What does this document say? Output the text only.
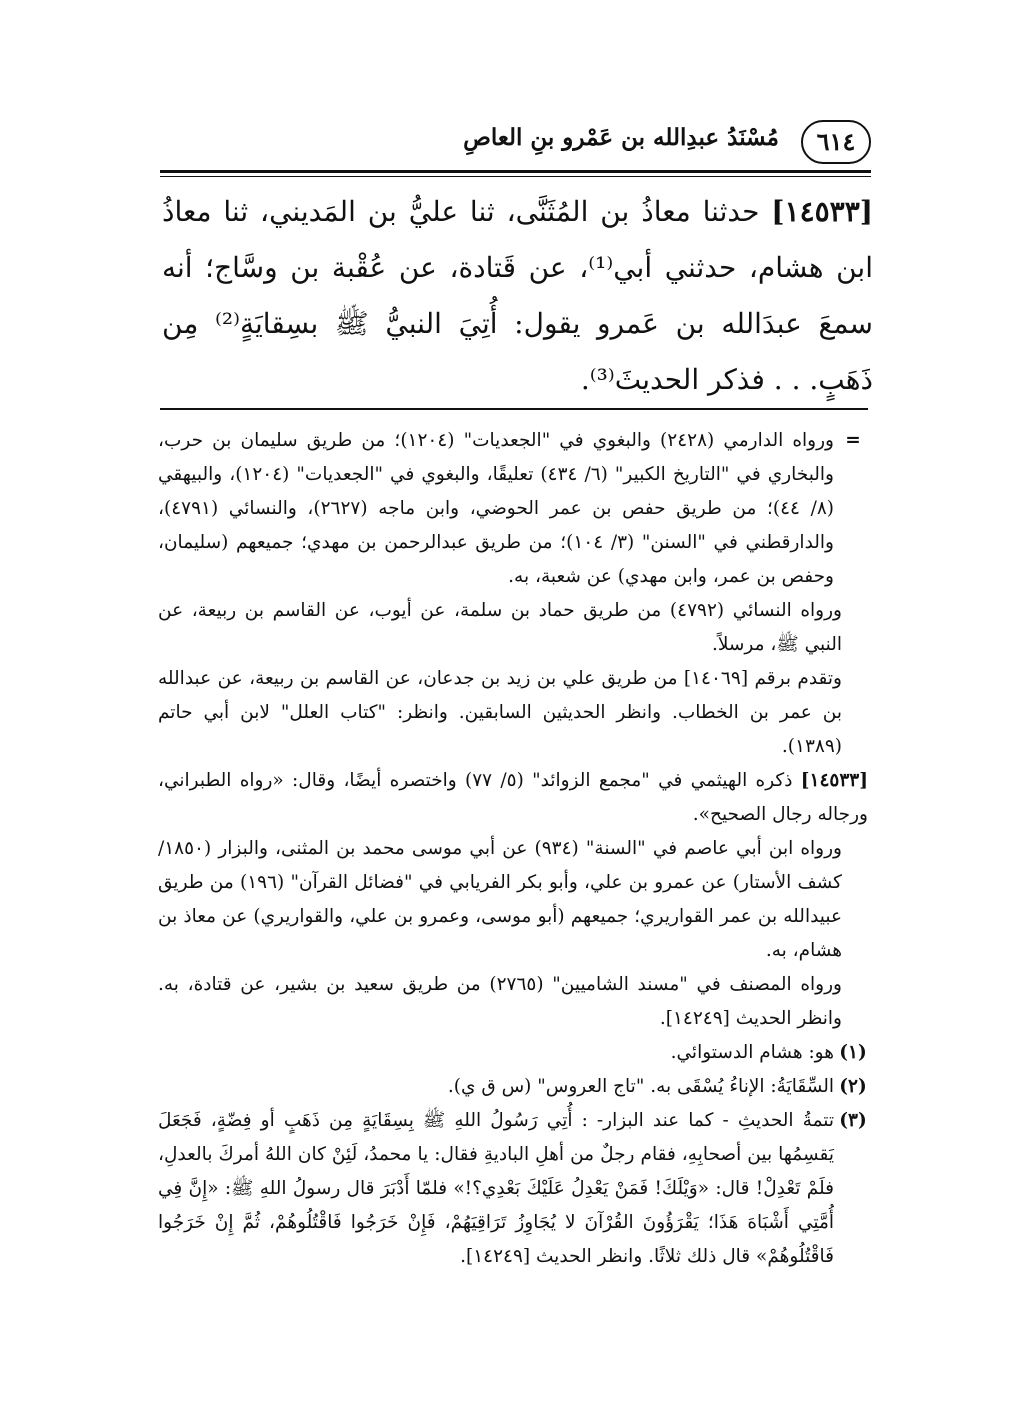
٦١٤
مُسْنَدُ عبدِالله بن عَمْرو بنِ العاصِ

[١٤٥٣٣] حدثنا معاذُ بن المُثَنَّى، ثنا عليُّ بن المَديني، ثنا معاذُ ابن هشام، حدثني أبي⁽¹⁾، عن قَتادة، عن عُقْبة بن وسَّاج؛ أنه سمعَ عبدَالله بن عَمرو يقول: أُتِيَ النبيُّ ﷺ بسِقايَةٍ⁽²⁾ مِن ذَهَبٍ. . . فذكر الحديثَ⁽³⁾.

=
ورواه الدارمي (٢٤٢٨) والبغوي في "الجعديات" (١٢٠٤)؛ من طريق سليمان بن حرب، والبخاري في "التاريخ الكبير" (٦/ ٤٣٤) تعليقًا، والبغوي في "الجعديات" (١٢٠٤)، والبيهقي (٨/ ٤٤)؛ من طريق حفص بن عمر الحوضي، وابن ماجه (٢٦٢٧)، والنسائي (٤٧٩١)، والدارقطني في "السنن" (٣/ ١٠٤)؛ من طريق عبدالرحمن بن مهدي؛ جميعهم (سليمان، وحفص بن عمر، وابن مهدي) عن شعبة، به.

ورواه النسائي (٤٧٩٢) من طريق حماد بن سلمة، عن أيوب، عن القاسم بن ربيعة، عن النبي ﷺ، مرسلاً.

وتقدم برقم [١٤٠٦٩] من طريق علي بن زيد بن جدعان، عن القاسم بن ربيعة، عن عبدالله بن عمر بن الخطاب. وانظر الحديثين السابقين. وانظر: "كتاب العلل" لابن أبي حاتم (١٣٨٩).

[١٤٥٣٣] ذكره الهيثمي في "مجمع الزوائد" (٥/ ٧٧) واختصره أيضًا، وقال: «رواه الطبراني، ورجاله رجال الصحيح».

ورواه ابن أبي عاصم في "السنة" (٩٣٤) عن أبي موسى محمد بن المثنى، والبزار (١٨٥٠/كشف الأستار) عن عمرو بن علي، وأبو بكر الفريابي في "فضائل القرآن" (١٩٦) من طريق عبيدالله بن عمر القواريري؛ جميعهم (أبو موسى، وعمرو بن علي، والقواريري) عن معاذ بن هشام، به.

ورواه المصنف في "مسند الشاميين" (٢٧٦٥) من طريق سعيد بن بشير، عن قتادة، به. وانظر الحديث [١٤٢٤٩].

(١)
هو: هشام الدستوائي.

(٢)
السِّقَايَةُ: الإناءُ يُسْقَى به. "تاج العروس" (س ق ي).

(٣)
تتمةُ الحديثِ - كما عند البزار- : أُتِي رَسُولُ اللهِ ﷺ بِسِقَايَةٍ مِن ذَهَبٍ أو فِضّةٍ، فَجَعَلَ يَقسِمُها بين أصحابِهِ، فقام رجلٌ من أهلِ الباديةِ فقال: يا محمدُ، لَئِنْ كان اللهُ أمركَ بالعدلِ، فلَمْ تَعْدِلْ! قال: «وَيْلَكَ! فَمَنْ يَعْدِلُ عَلَيْكَ بَعْدِي؟!» فلمّا أَدْبَرَ قال رسولُ اللهِ ﷺ: «إِنَّ فِي أُمَّتِي أَشْبَاهَ هَذَا؛ يَقْرَؤُونَ القُرْآنَ لا يُجَاوِزُ تَرَاقِيَهُمْ، فَإِنْ خَرَجُوا فَاقْتُلُوهُمْ، ثُمَّ إِنْ خَرَجُوا فَاقْتُلُوهُمْ» قال ذلك ثلاثًا. وانظر الحديث [١٤٢٤٩].
